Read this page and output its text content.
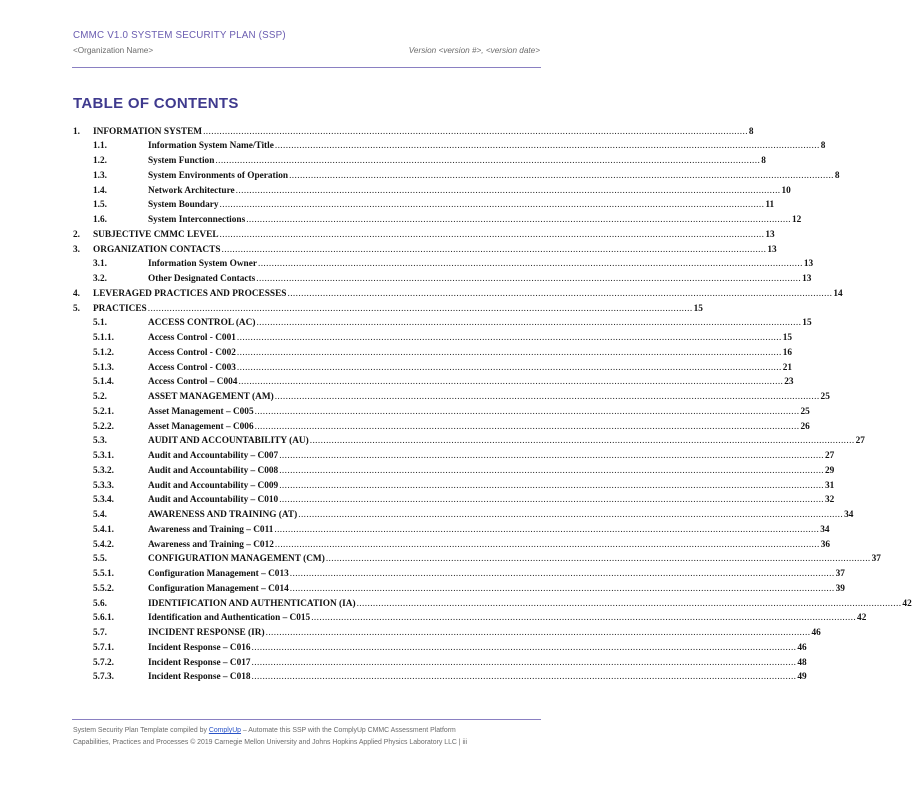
CMMC V1.0 SYSTEM SECURITY PLAN (SSP)
<Organization Name>	Version <version #>, <version date>
TABLE OF CONTENTS
1. INFORMATION SYSTEM ........................................................................................................................................................................................................ 8
1.1.	Information System Name/Title ........................................................................................................................................................................................................ 8
1.2.	System Function ........................................................................................................................................................................................................ 8
1.3.	System Environments of Operation ........................................................................................................................................................................................................ 8
1.4.	Network Architecture ........................................................................................................................................................................................................ 10
1.5.	System Boundary ........................................................................................................................................................................................................ 11
1.6.	System Interconnections ........................................................................................................................................................................................................ 12
2. SUBJECTIVE CMMC LEVEL ........................................................................................................................................................................................................ 13
3. ORGANIZATION CONTACTS ........................................................................................................................................................................................................ 13
3.1.	Information System Owner ........................................................................................................................................................................................................ 13
3.2.	Other Designated Contacts ........................................................................................................................................................................................................ 13
4. LEVERAGED PRACTICES AND PROCESSES ........................................................................................................................................................................................................ 14
5. PRACTICES ........................................................................................................................................................................................................ 15
5.1.	ACCESS CONTROL (AC) ........................................................................................................................................................................................................ 15
5.1.1.	Access Control - C001 ........................................................................................................................................................................................................ 15
5.1.2.	Access Control - C002 ........................................................................................................................................................................................................ 16
5.1.3.	Access Control - C003 ........................................................................................................................................................................................................ 21
5.1.4.	Access Control – C004 ........................................................................................................................................................................................................ 23
5.2.	ASSET MANAGEMENT (AM) ........................................................................................................................................................................................................ 25
5.2.1.	Asset Management – C005 ........................................................................................................................................................................................................ 25
5.2.2.	Asset Management – C006 ........................................................................................................................................................................................................ 26
5.3.	AUDIT AND ACCOUNTABILITY (AU) ........................................................................................................................................................................................................ 27
5.3.1.	Audit and Accountability – C007 ........................................................................................................................................................................................................ 27
5.3.2.	Audit and Accountability – C008 ........................................................................................................................................................................................................ 29
5.3.3.	Audit and Accountability – C009 ........................................................................................................................................................................................................ 31
5.3.4.	Audit and Accountability – C010 ........................................................................................................................................................................................................ 32
5.4.	AWARENESS AND TRAINING (AT) ........................................................................................................................................................................................................ 34
5.4.1.	Awareness and Training – C011 ........................................................................................................................................................................................................ 34
5.4.2.	Awareness and Training – C012 ........................................................................................................................................................................................................ 36
5.5.	CONFIGURATION MANAGEMENT (CM) ........................................................................................................................................................................................................ 37
5.5.1.	Configuration Management – C013 ........................................................................................................................................................................................................ 37
5.5.2.	Configuration Management – C014 ........................................................................................................................................................................................................ 39
5.6.	IDENTIFICATION AND AUTHENTICATION (IA) ........................................................................................................................................................................................................ 42
5.6.1.	Identification and Authentication – C015 ........................................................................................................................................................................................................ 42
5.7.	INCIDENT RESPONSE (IR) ........................................................................................................................................................................................................ 46
5.7.1.	Incident Response – C016 ........................................................................................................................................................................................................ 46
5.7.2.	Incident Response – C017 ........................................................................................................................................................................................................ 48
5.7.3.	Incident Response – C018 ........................................................................................................................................................................................................ 49
System Security Plan Template compiled by ComplyUp – Automate this SSP with the ComplyUp CMMC Assessment Platform
Capabilities, Practices and Processes © 2019 Carnegie Mellon University and Johns Hopkins Applied Physics Laboratory LLC | iii
